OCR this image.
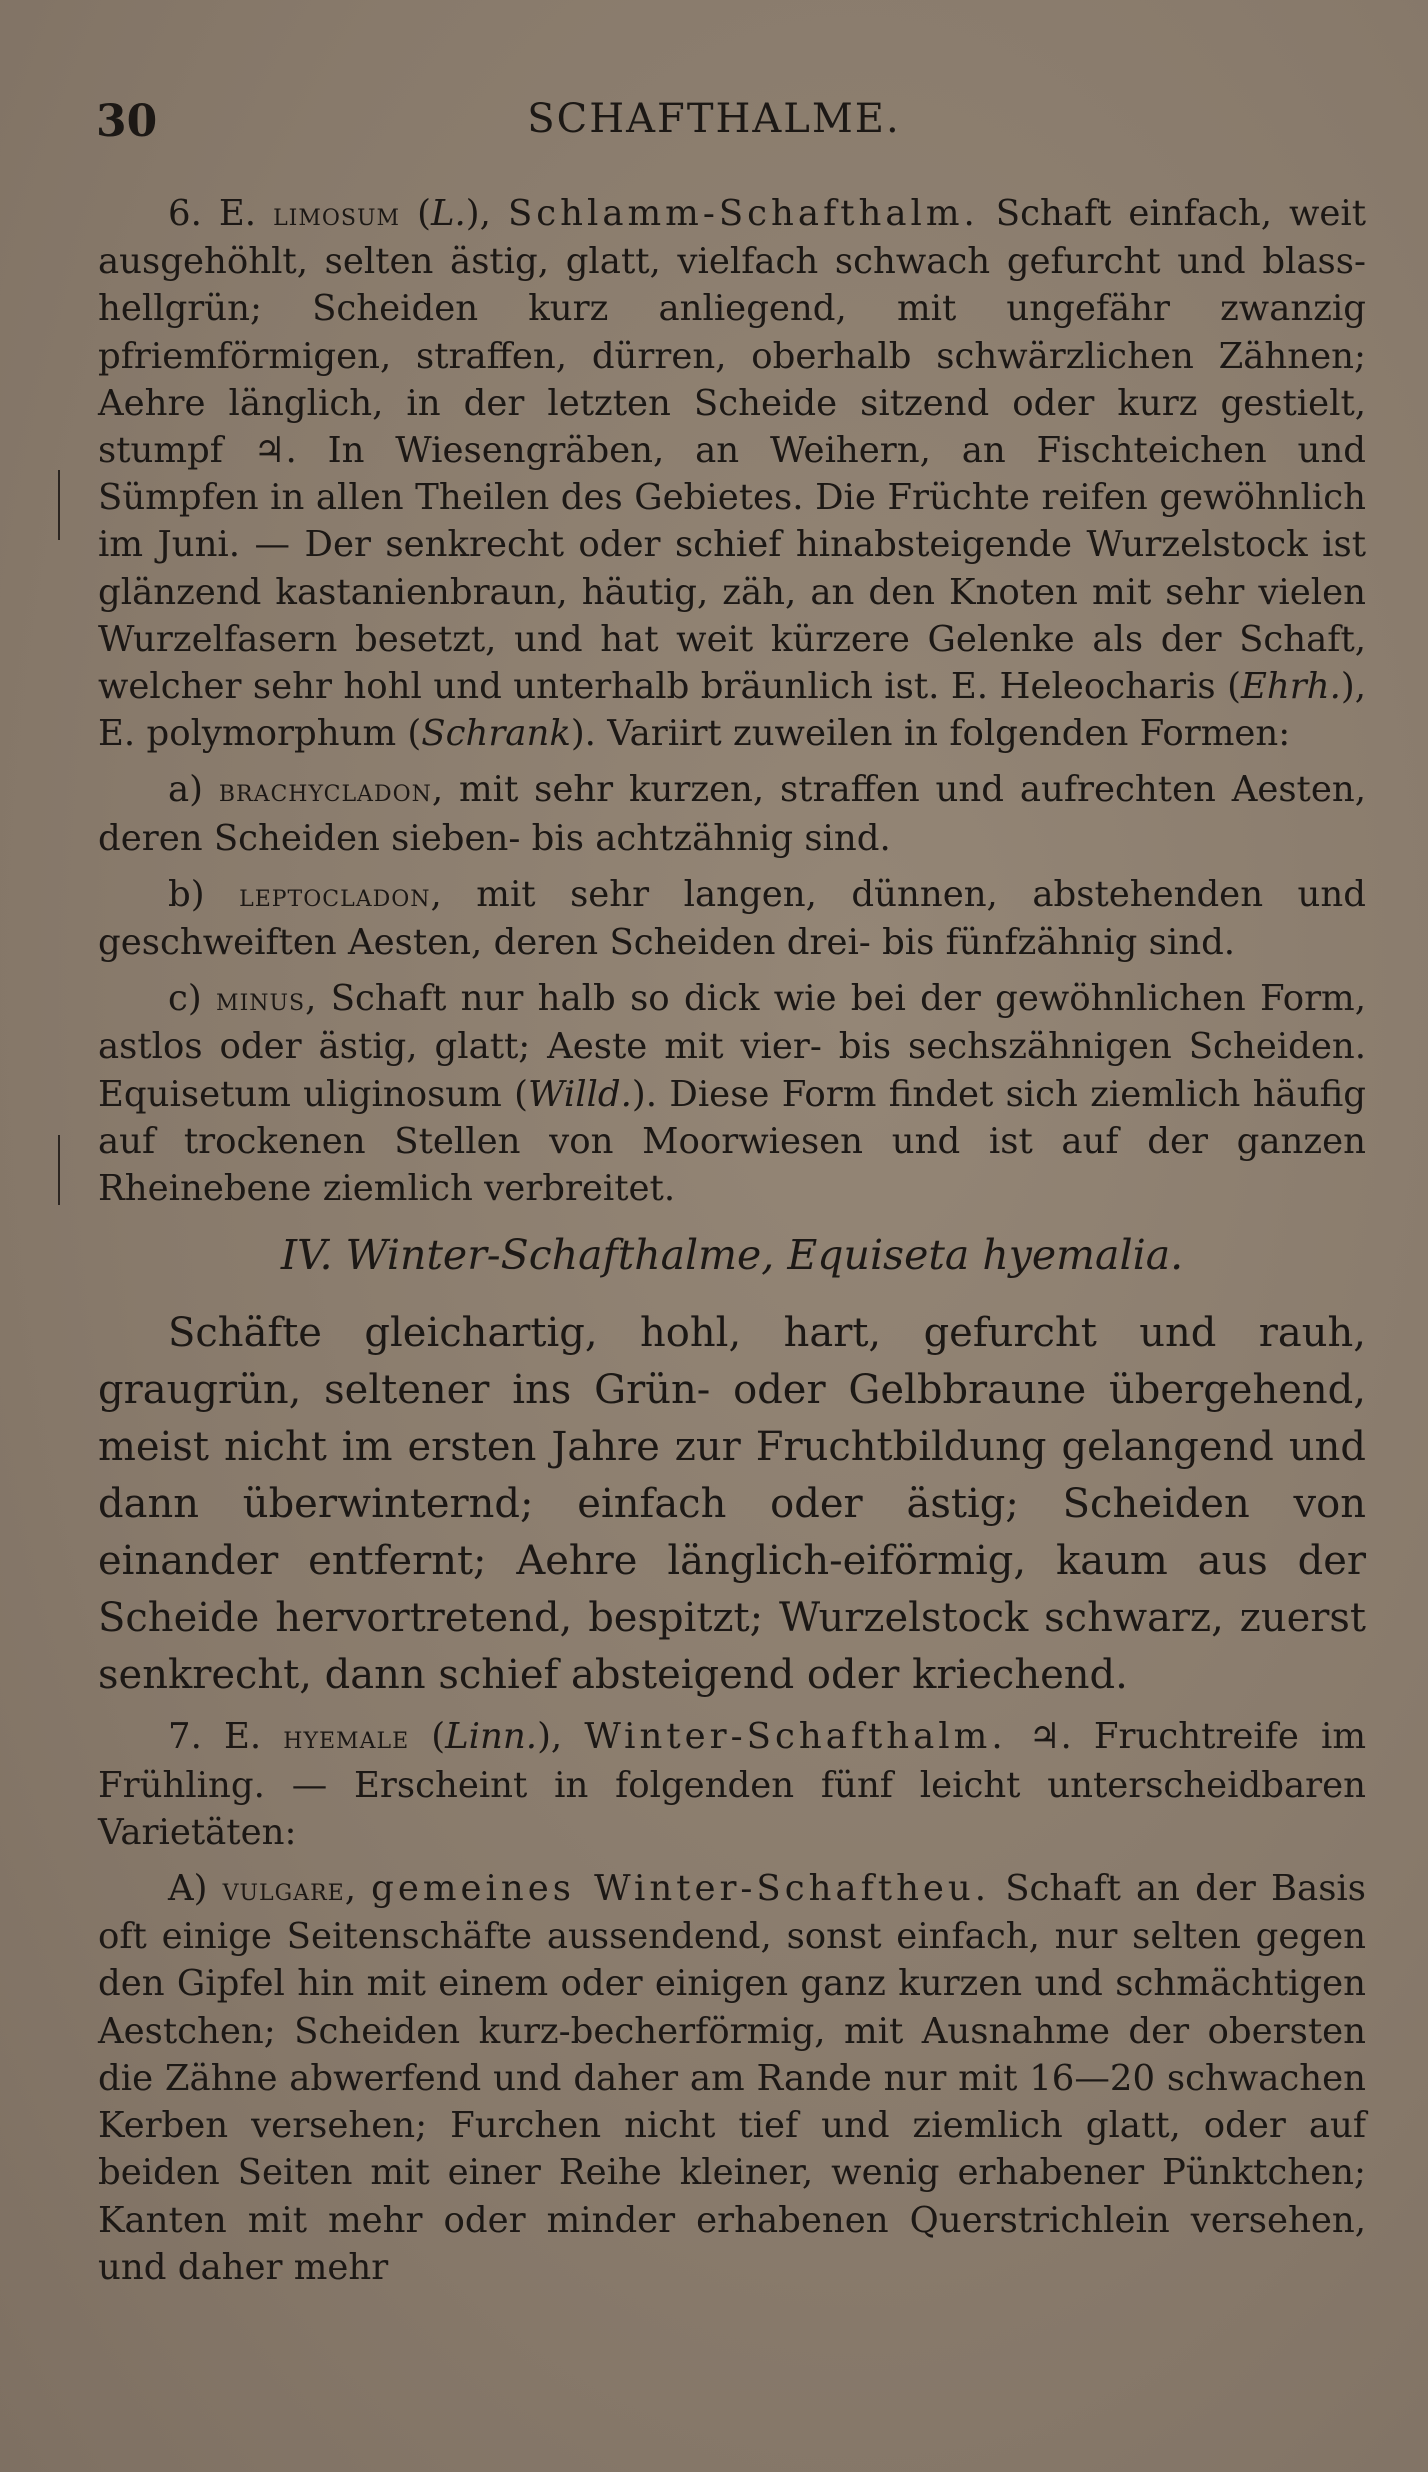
30	SCHAFTHALME.

6. E. limosum (L.), Schlamm-Schafthalm. Schaft einfach, weit ausgehöhlt, selten ästig, glatt, vielfach schwach gefurcht und blass-hellgrün; Scheiden kurz anliegend, mit ungefähr zwanzig pfriemförmigen, straffen, dürren, oberhalb schwärzlichen Zähnen; Aehre länglich, in der letzten Scheide sitzend oder kurz gestielt, stumpf ♃. In Wiesengräben, an Weihern, an Fischteichen und Sümpfen in allen Theilen des Gebietes. Die Früchte reifen gewöhnlich im Juni. — Der senkrecht oder schief hinabsteigende Wurzelstock ist glänzend kastanienbraun, häutig, zäh, an den Knoten mit sehr vielen Wurzelfasern besetzt, und hat weit kürzere Gelenke als der Schaft, welcher sehr hohl und unterhalb bräunlich ist. E. Heleocharis (Ehrh.), E. polymorphum (Schrank). Variirt zuweilen in folgenden Formen:

a) brachycladon, mit sehr kurzen, straffen und aufrechten Aesten, deren Scheiden sieben- bis achtzähnig sind.

b) leptocladon, mit sehr langen, dünnen, abstehenden und geschweiften Aesten, deren Scheiden drei- bis fünfzähnig sind.

c) minus, Schaft nur halb so dick wie bei der gewöhnlichen Form, astlos oder ästig, glatt; Aeste mit vier- bis sechszähnigen Scheiden. Equisetum uliginosum (Willd.). Diese Form findet sich ziemlich häufig auf trockenen Stellen von Moorwiesen und ist auf der ganzen Rheinebene ziemlich verbreitet.

IV. Winter-Schafthalme, Equiseta hyemalia.

Schäfte gleichartig, hohl, hart, gefurcht und rauh, graugrün, seltener ins Grün- oder Gelbbraune übergehend, meist nicht im ersten Jahre zur Fruchtbildung gelangend und dann überwinternd; einfach oder ästig; Scheiden von einander entfernt; Aehre länglich-eiförmig, kaum aus der Scheide hervortretend, bespitzt; Wurzelstock schwarz, zuerst senkrecht, dann schief absteigend oder kriechend.

7. E. hyemale (Linn.), Winter-Schafthalm. ♃. Fruchtreife im Frühling. — Erscheint in folgenden fünf leicht unterscheidbaren Varietäten:

A) vulgare, gemeines Winter-Schaftheu. Schaft an der Basis oft einige Seitenschäfte aussendend, sonst einfach, nur selten gegen den Gipfel hin mit einem oder einigen ganz kurzen und schmächtigen Aestchen; Scheiden kurz-becherförmig, mit Ausnahme der obersten die Zähne abwerfend und daher am Rande nur mit 16—20 schwachen Kerben versehen; Furchen nicht tief und ziemlich glatt, oder auf beiden Seiten mit einer Reihe kleiner, wenig erhabener Pünktchen; Kanten mit mehr oder minder erhabenen Querstrichlein versehen, und daher mehr
